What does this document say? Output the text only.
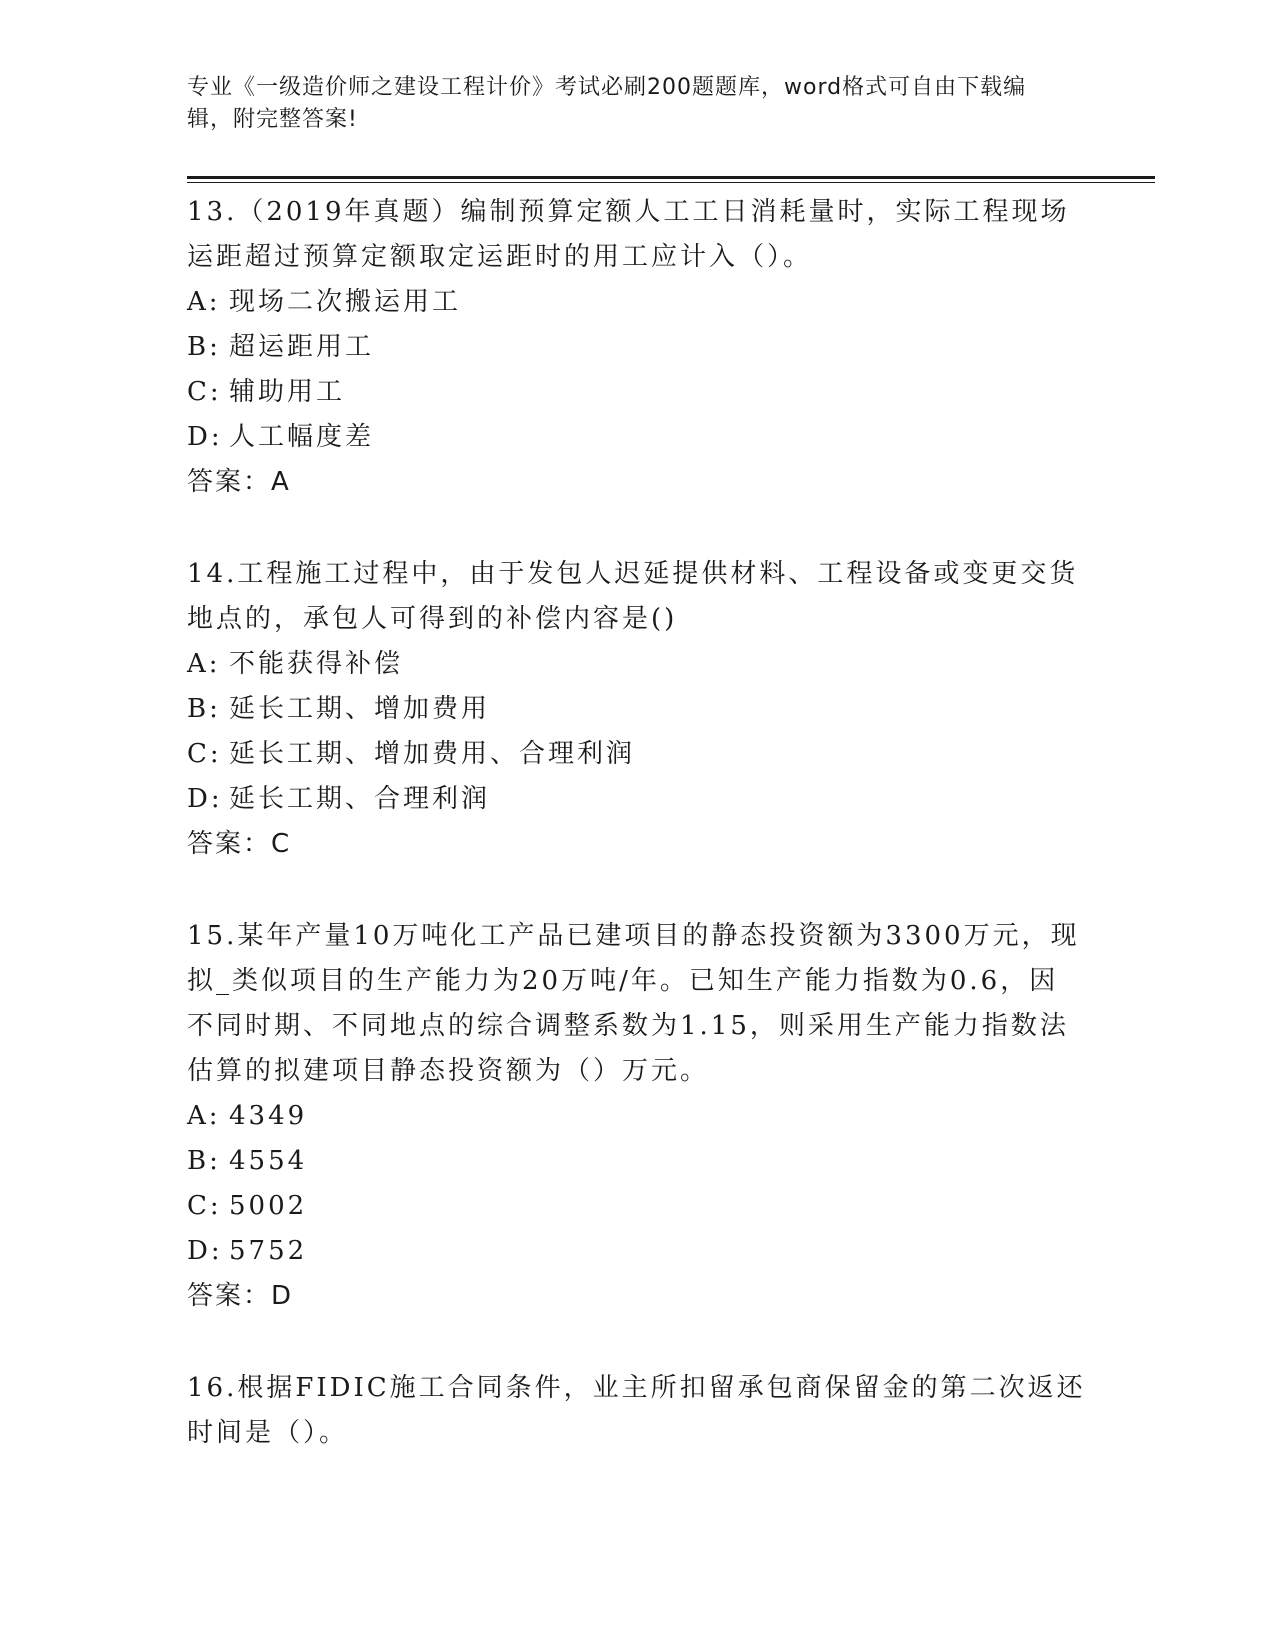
专业《一级造价师之建设工程计价》考试必刷200题题库，word格式可自由下载编辑，附完整答案!

13.（2019年真题）编制预算定额人工工日消耗量时，实际工程现场运距超过预算定额取定运距时的用工应计入（）。

A: 现场二次搬运用工

B: 超运距用工

C: 辅助用工

D: 人工幅度差

答案：A

14.工程施工过程中，由于发包人迟延提供材料、工程设备或变更交货地点的，承包人可得到的补偿内容是()

A: 不能获得补偿

B: 延长工期、增加费用

C: 延长工期、增加费用、合理利润

D: 延长工期、合理利润

答案：C

15.某年产量10万吨化工产品已建项目的静态投资额为3300万元，现拟_类似项目的生产能力为20万吨/年。已知生产能力指数为0.6，因不同时期、不同地点的综合调整系数为1.15，则采用生产能力指数法估算的拟建项目静态投资额为（）万元。

A: 4349

B: 4554

C: 5002

D: 5752

答案：D

16.根据FIDIC施工合同条件，业主所扣留承包商保留金的第二次返还时间是（）。
